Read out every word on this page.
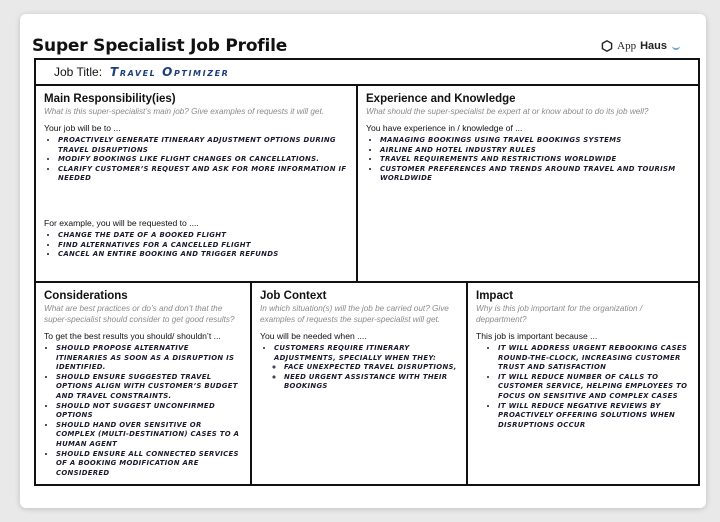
Super Specialist Job Profile	App Haus
Job Title: Travel Optimizer
Main Responsibility(ies)
What is this super-specialist’s main job? Give examples of requests it will get.
Your job will be to ...
• PROACTIVELY GENERATE ITINERARY ADJUSTMENT OPTIONS DURING TRAVEL DISRUPTIONS
• MODIFY BOOKINGS LIKE FLIGHT CHANGES OR CANCELLATIONS.
• CLARIFY CUSTOMER’S REQUEST AND ASK FOR MORE INFORMATION IF NEEDED
For example, you will be requested to ....
• CHANGE THE DATE OF A BOOKED FLIGHT
• FIND ALTERNATIVES FOR A CANCELLED FLIGHT
• CANCEL AN ENTIRE BOOKING AND TRIGGER REFUNDS
Experience and Knowledge
What should the super-specialist be expert at or know about to do its job well?
You have experience in / knowledge of ...
• MANAGING BOOKINGS USING TRAVEL BOOKINGS SYSTEMS
• AIRLINE AND HOTEL INDUSTRY RULES
• TRAVEL REQUIREMENTS AND RESTRICTIONS WORLDWIDE
• CUSTOMER PREFERENCES AND TRENDS AROUND TRAVEL AND TOURISM WORLDWIDE
Considerations
What are best practices or do’s and don’t that the super-specialist should consider to get good results?
To get the best results you should/ shouldn’t ...
• SHOULD PROPOSE ALTERNATIVE ITINERARIES AS SOON AS A DISRUPTION IS IDENTIFIED.
• SHOULD ENSURE SUGGESTED TRAVEL OPTIONS ALIGN WITH CUSTOMER’S BUDGET AND TRAVEL CONSTRAINTS.
• SHOULD NOT SUGGEST UNCONFIRMED OPTIONS
• SHOULD HAND OVER SENSITIVE OR COMPLEX (MULTI-DESTINATION) CASES TO A HUMAN AGENT
• SHOULD ENSURE ALL CONNECTED SERVICES OF A BOOKING MODIFICATION ARE CONSIDERED
Job Context
In which situation(s) will the job be carried out? Give examples of requests the super-specialist will get.
You will be needed when ....
• CUSTOMERS REQUIRE ITINERARY ADJUSTMENTS, SPECIALLY WHEN THEY:
◦ FACE UNEXPECTED TRAVEL DISRUPTIONS,
◦ NEED URGENT ASSISTANCE WITH THEIR BOOKINGS
Impact
Why is this job important for the organization / deppartment?
This job is important because ...
• IT WILL ADDRESS URGENT REBOOKING CASES ROUND-THE-CLOCK, INCREASING CUSTOMER TRUST AND SATISFACTION
• IT WILL REDUCE NUMBER OF CALLS TO CUSTOMER SERVICE, HELPING EMPLOYEES TO FOCUS ON SENSITIVE AND COMPLEX CASES
• IT WILL REDUCE NEGATIVE REVIEWS BY PROACTIVELY OFFERING SOLUTIONS WHEN DISRUPTIONS OCCUR
